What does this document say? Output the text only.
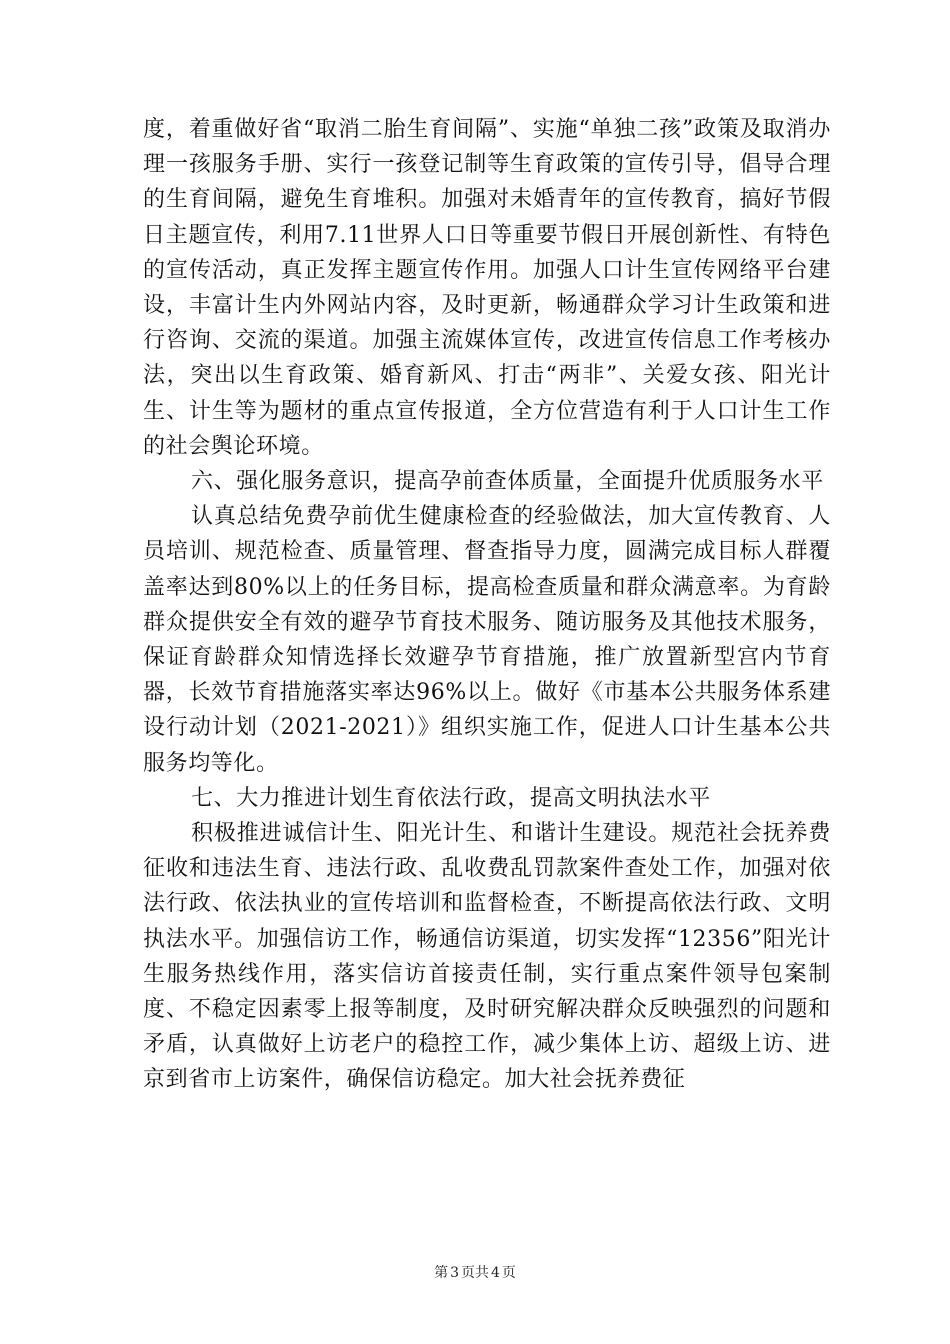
度，着重做好省“取消二胎生育间隔”、实施“单独二孩”政策及取消办理一孩服务手册、实行一孩登记制等生育政策的宣传引导，倡导合理的生育间隔，避免生育堆积。加强对未婚青年的宣传教育，搞好节假日主题宣传，利用7.11世界人口日等重要节假日开展创新性、有特色的宣传活动，真正发挥主题宣传作用。加强人口计生宣传网络平台建设，丰富计生内外网站内容，及时更新，畅通群众学习计生政策和进行咨询、交流的渠道。加强主流媒体宣传，改进宣传信息工作考核办法，突出以生育政策、婚育新风、打击“两非”、关爱女孩、阳光计生、计生等为题材的重点宣传报道，全方位营造有利于人口计生工作的社会舆论环境。

六、强化服务意识，提高孕前查体质量，全面提升优质服务水平

认真总结免费孕前优生健康检查的经验做法，加大宣传教育、人员培训、规范检查、质量管理、督查指导力度，圆满完成目标人群覆盖率达到80%以上的任务目标，提高检查质量和群众满意率。为育龄群众提供安全有效的避孕节育技术服务、随访服务及其他技术服务，保证育龄群众知情选择长效避孕节育措施，推广放置新型宫内节育器，长效节育措施落实率达96%以上。做好《市基本公共服务体系建设行动计划（2021-2021）》组织实施工作，促进人口计生基本公共服务均等化。

七、大力推进计划生育依法行政，提高文明执法水平

积极推进诚信计生、阳光计生、和谐计生建设。规范社会抚养费征收和违法生育、违法行政、乱收费乱罚款案件查处工作，加强对依法行政、依法执业的宣传培训和监督检查，不断提高依法行政、文明执法水平。加强信访工作，畅通信访渠道，切实发挥“12356”阳光计生服务热线作用，落实信访首接责任制，实行重点案件领导包案制度、不稳定因素零上报等制度，及时研究解决群众反映强烈的问题和矛盾，认真做好上访老户的稳控工作，减少集体上访、超级上访、进京到省市上访案件，确保信访稳定。加大社会抚养费征

第 3 页共 4 页
